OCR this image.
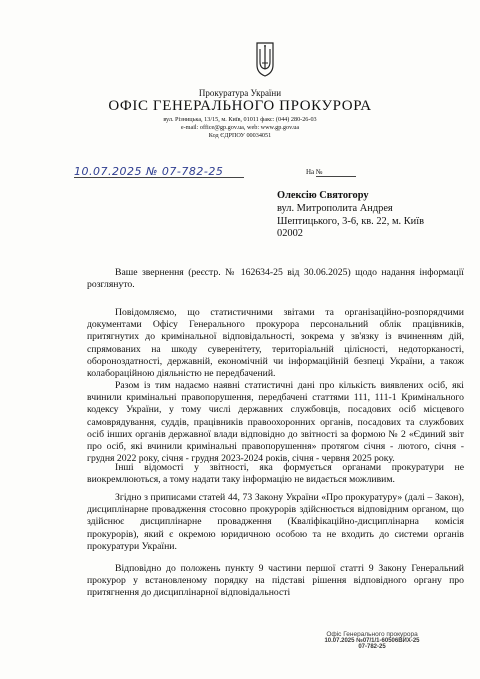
Прокуратура України
ОФІС ГЕНЕРАЛЬНОГО ПРОКУРОРА
вул. Різницька, 13/15, м. Київ, 01011 факс: (044) 280-26-03
e-mail: office@gp.gov.ua, web: www.gp.gov.ua
Код ЄДРПОУ 00034051
10.07.2025 № 07-782-25	На №
Олексію Святогору
вул. Митрополита Андрея
Шептицького, 3-6, кв. 22, м. Київ
02002

Ваше звернення (реєстр. № 162634-25 від 30.06.2025) щодо надання інформації розглянуто.

Повідомляємо, що статистичними звітами та організаційно-розпорядчими документами Офісу Генерального прокурора персональний облік працівників, притягнутих до кримінальної відповідальності, зокрема у зв'язку із вчиненням дій, спрямованих на шкоду суверенітету, територіальній цілісності, недоторканості, обороноздатності, державній, економічній чи інформаційній безпеці України, а також колабораційною діяльністю не передбачений.

Разом із тим надаємо наявні статистичні дані про кількість виявлених осіб, які вчинили кримінальні правопорушення, передбачені статтями 111, 111-1 Кримінального кодексу України, у тому числі державних службовців, посадових осіб місцевого самоврядування, суддів, працівників правоохоронних органів, посадових та службових осіб інших органів державної влади відповідно до звітності за формою № 2 «Єдиний звіт про осіб, які вчинили кримінальні правопорушення» протягом січня - лютого, січня - грудня 2022 року, січня - грудня 2023-2024 років, січня - червня 2025 року.

Інші відомості у звітності, яка формується органами прокуратури не виокремлюються, а тому надати таку інформацію не видається можливим.

Згідно з приписами статей 44, 73 Закону України «Про прокуратуру» (далі – Закон), дисциплінарне провадження стосовно прокурорів здійснюється відповідним органом, що здійснює дисциплінарне провадження (Кваліфікаційно-дисциплінарна комісія прокурорів), який є окремою юридичною особою та не входить до системи органів прокуратури України.

Відповідно до положень пункту 9 частини першої статті 9 Закону Генеральний прокурор у встановленому порядку на підставі рішення відповідного органу про притягнення до дисциплінарної відповідальності

Офіс Генерального прокурора
10.07.2025 №07/1/1-60506ВИХ-25
07-782-25
